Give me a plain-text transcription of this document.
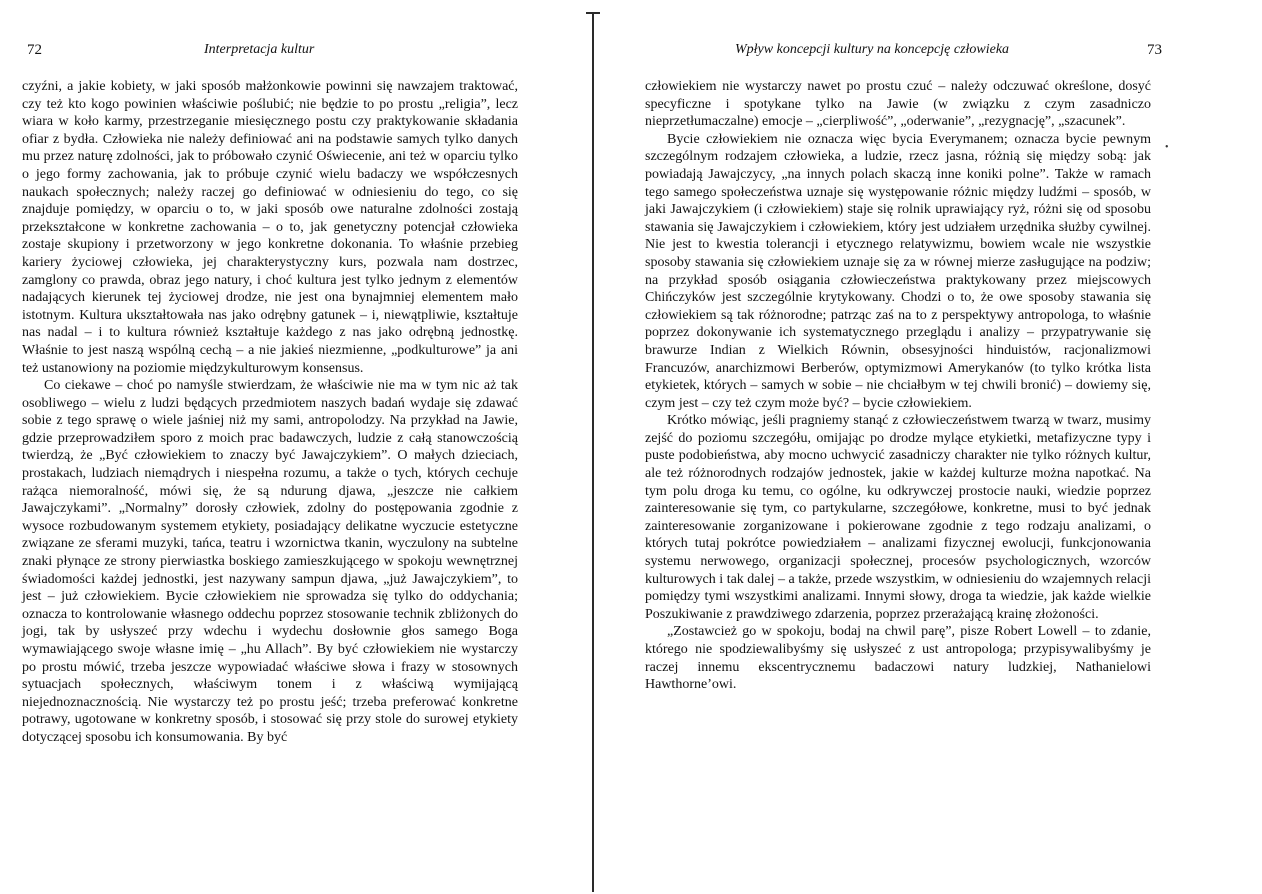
72	Interpretacja kultur

czyźni, a jakie kobiety, w jaki sposób małżonkowie powinni się nawzajem traktować, czy też kto kogo powinien właściwie poślubić; nie będzie to po prostu „religia”, lecz wiara w koło karmy, przestrzeganie miesięcznego postu czy praktykowanie składania ofiar z bydła. Człowieka nie należy definiować ani na podstawie samych tylko danych mu przez naturę zdolności, jak to próbowało czynić Oświecenie, ani też w oparciu tylko o jego formy zachowania, jak to próbuje czynić wielu badaczy we współczesnych naukach społecznych; należy raczej go definiować w odniesieniu do tego, co się znajduje pomiędzy, w oparciu o to, w jaki sposób owe naturalne zdolności zostają przekształcone w konkretne zachowania – o to, jak genetyczny potencjał człowieka zostaje skupiony i przetworzony w jego konkretne dokonania. To właśnie przebieg kariery życiowej człowieka, jej charakterystyczny kurs, pozwala nam dostrzec, zamglony co prawda, obraz jego natury, i choć kultura jest tylko jednym z elementów nadających kierunek tej życiowej drodze, nie jest ona bynajmniej elementem mało istotnym. Kultura ukształtowała nas jako odrębny gatunek – i, niewątpliwie, kształtuje nas nadal – i to kultura również kształtuje każdego z nas jako odrębną jednostkę. Właśnie to jest naszą wspólną cechą – a nie jakieś niezmienne, „podkulturowe” ja ani też ustanowiony na poziomie międzykulturowym konsensus.

Co ciekawe – choć po namyśle stwierdzam, że właściwie nie ma w tym nic aż tak osobliwego – wielu z ludzi będących przedmiotem naszych badań wydaje się zdawać sobie z tego sprawę o wiele jaśniej niż my sami, antropolodzy. Na przykład na Jawie, gdzie przeprowadziłem sporo z moich prac badawczych, ludzie z całą stanowczością twierdzą, że „Być człowiekiem to znaczy być Jawajczykiem”. O małych dzieciach, prostakach, ludziach niemądrych i niespełna rozumu, a także o tych, których cechuje rażąca niemoralność, mówi się, że są ndurung djawa, „jeszcze nie całkiem Jawajczykami”. „Normalny” dorosły człowiek, zdolny do postępowania zgodnie z wysoce rozbudowanym systemem etykiety, posiadający delikatne wyczucie estetyczne związane ze sferami muzyki, tańca, teatru i wzornictwa tkanin, wyczulony na subtelne znaki płynące ze strony pierwiastka boskiego zamieszkującego w spokoju wewnętrznej świadomości każdej jednostki, jest nazywany sampun djawa, „już Jawajczykiem”, to jest – już człowiekiem. Bycie człowiekiem nie sprowadza się tylko do oddychania; oznacza to kontrolowanie własnego oddechu poprzez stosowanie technik zbliżonych do jogi, tak by usłyszeć przy wdechu i wydechu dosłownie głos samego Boga wymawiającego swoje własne imię – „hu Allach”. By być człowiekiem nie wystarczy po prostu mówić, trzeba jeszcze wypowiadać właściwe słowa i frazy w stosownych sytuacjach społecznych, właściwym tonem i z właściwą wymijającą niejednoznacznością. Nie wystarczy też po prostu jeść; trzeba preferować konkretne potrawy, ugotowane w konkretny sposób, i stosować się przy stole do surowej etykiety dotyczącej sposobu ich konsumowania. By być

Wpływ koncepcji kultury na koncepcję człowieka	73

człowiekiem nie wystarczy nawet po prostu czuć – należy odczuwać określone, dosyć specyficzne i spotykane tylko na Jawie (w związku z czym zasadniczo nieprzetłumaczalne) emocje – „cierpliwość”, „oderwanie”, „rezygnację”, „szacunek”.

Bycie człowiekiem nie oznacza więc bycia Everymanem; oznacza bycie pewnym szczególnym rodzajem człowieka, a ludzie, rzecz jasna, różnią się między sobą: jak powiadają Jawajczycy, „na innych polach skaczą inne koniki polne”. Także w ramach tego samego społeczeństwa uznaje się występowanie różnic między ludźmi – sposób, w jaki Jawajczykiem (i człowiekiem) staje się rolnik uprawiający ryż, różni się od sposobu stawania się Jawajczykiem i człowiekiem, który jest udziałem urzędnika służby cywilnej. Nie jest to kwestia tolerancji i etycznego relatywizmu, bowiem wcale nie wszystkie sposoby stawania się człowiekiem uznaje się za w równej mierze zasługujące na podziw; na przykład sposób osiągania człowieczeństwa praktykowany przez miejscowych Chińczyków jest szczególnie krytykowany. Chodzi o to, że owe sposoby stawania się człowiekiem są tak różnorodne; patrząc zaś na to z perspektywy antropologa, to właśnie poprzez dokonywanie ich systematycznego przeglądu i analizy – przypatrywanie się brawurze Indian z Wielkich Równin, obsesyjności hinduistów, racjonalizmowi Francuzów, anarchizmowi Berberów, optymizmowi Amerykanów (to tylko krótka lista etykietek, których – samych w sobie – nie chciałbym w tej chwili bronić) – dowiemy się, czym jest – czy też czym może być? – bycie człowiekiem.

Krótko mówiąc, jeśli pragniemy stanąć z człowieczeństwem twarzą w twarz, musimy zejść do poziomu szczegółu, omijając po drodze mylące etykietki, metafizyczne typy i puste podobieństwa, aby mocno uchwycić zasadniczy charakter nie tylko różnych kultur, ale też różnorodnych rodzajów jednostek, jakie w każdej kulturze można napotkać. Na tym polu droga ku temu, co ogólne, ku odkrywczej prostocie nauki, wiedzie poprzez zainteresowanie się tym, co partykularne, szczegółowe, konkretne, musi to być jednak zainteresowanie zorganizowane i pokierowane zgodnie z tego rodzaju analizami, o których tutaj pokrótce powiedziałem – analizami fizycznej ewolucji, funkcjonowania systemu nerwowego, organizacji społecznej, procesów psychologicznych, wzorców kulturowych i tak dalej – a także, przede wszystkim, w odniesieniu do wzajemnych relacji pomiędzy tymi wszystkimi analizami. Innymi słowy, droga ta wiedzie, jak każde wielkie Poszukiwanie z prawdziwego zdarzenia, poprzez przerażającą krainę złożoności.

„Zostawcież go w spokoju, bodaj na chwil parę”, pisze Robert Lowell – to zdanie, którego nie spodziewalibyśmy się usłyszeć z ust antropologa; przypisywalibyśmy je raczej innemu ekscentrycznemu badaczowi natury ludzkiej, Nathanielowi Hawthorne’owi.

•
